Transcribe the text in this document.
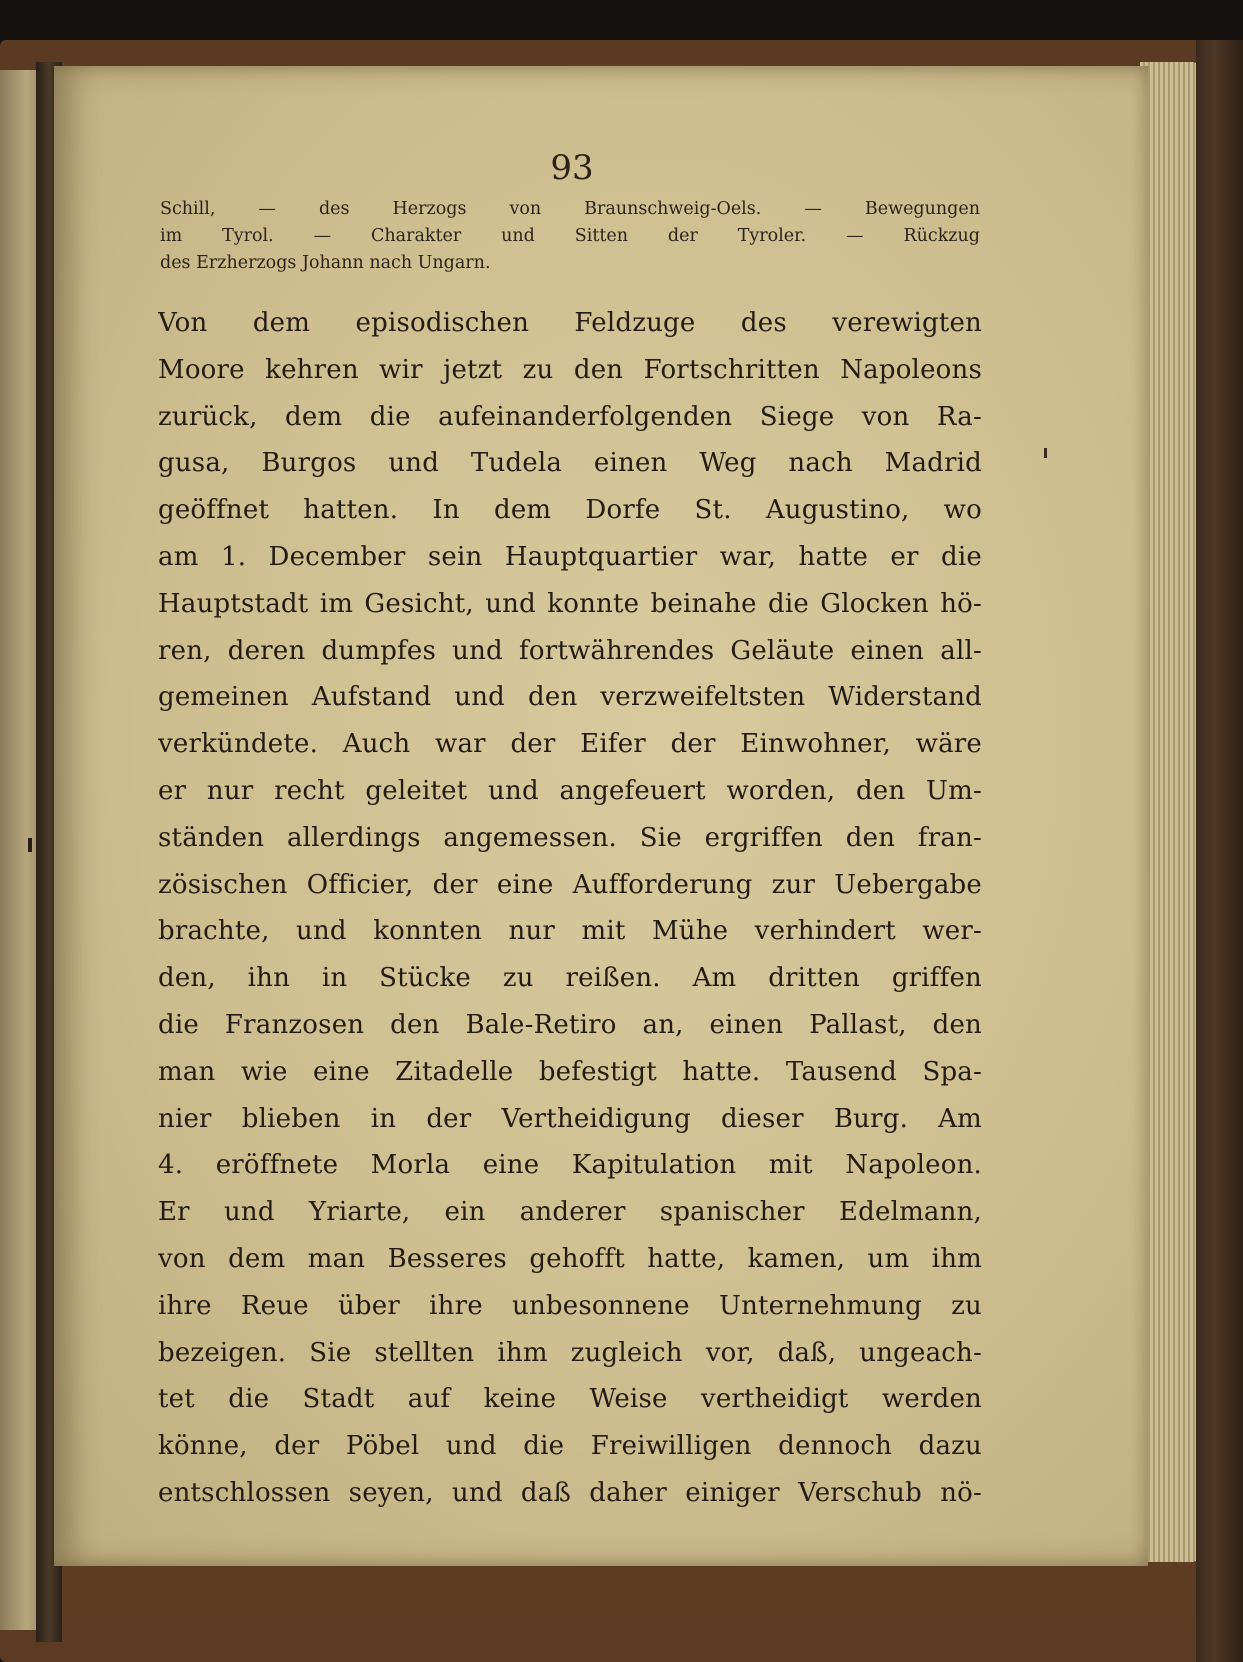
93
Schill, — des Herzogs von Braunschweig-Oels. — Bewegungen
im Tyrol. — Charakter und Sitten der Tyroler. — Rückzug
des Erzherzogs Johann nach Ungarn.
Von dem episodischen Feldzuge des verewigten
Moore kehren wir jetzt zu den Fortschritten Napoleons
zurück, dem die aufeinanderfolgenden Siege von Ra-
gusa, Burgos und Tudela einen Weg nach Madrid
geöffnet hatten. In dem Dorfe St. Augustino, wo
am 1. December sein Hauptquartier war, hatte er die
Hauptstadt im Gesicht, und konnte beinahe die Glocken hö-
ren, deren dumpfes und fortwährendes Geläute einen all-
gemeinen Aufstand und den verzweifeltsten Widerstand
verkündete. Auch war der Eifer der Einwohner, wäre
er nur recht geleitet und angefeuert worden, den Um-
ständen allerdings angemessen. Sie ergriffen den fran-
zösischen Officier, der eine Aufforderung zur Uebergabe
brachte, und konnten nur mit Mühe verhindert wer-
den, ihn in Stücke zu reißen. Am dritten griffen
die Franzosen den Bale-Retiro an, einen Pallast, den
man wie eine Zitadelle befestigt hatte. Tausend Spa-
nier blieben in der Vertheidigung dieser Burg. Am
4. eröffnete Morla eine Kapitulation mit Napoleon.
Er und Yriarte, ein anderer spanischer Edelmann,
von dem man Besseres gehofft hatte, kamen, um ihm
ihre Reue über ihre unbesonnene Unternehmung zu
bezeigen. Sie stellten ihm zugleich vor, daß, ungeach-
tet die Stadt auf keine Weise vertheidigt werden
könne, der Pöbel und die Freiwilligen dennoch dazu
entschlossen seyen, und daß daher einiger Verschub nö-
